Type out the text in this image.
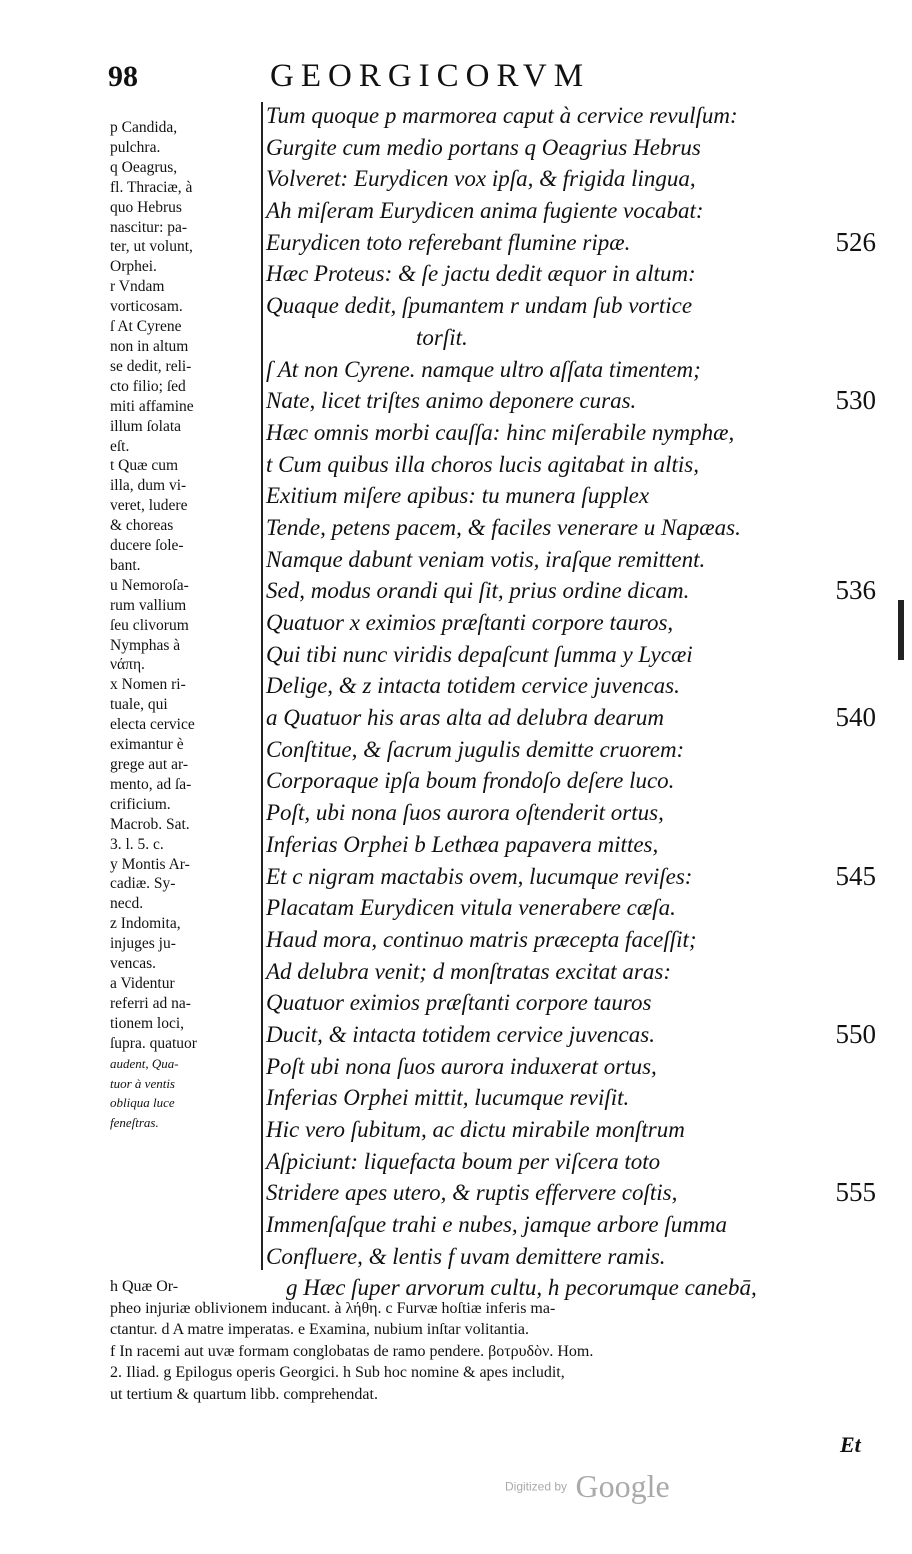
98	GEORGICORVM
p Candida,
pulchra.
q Oeagrus,
fl. Thraciæ, à
quo Hebrus
nascitur: pa-
ter, ut volunt,
Orphei.
r Vndam
vorticosam.
ſ At Cyrene
non in altum
se dedit, reli-
cto filio; ſed
miti affamine
illum ſolata
eſt.
t Quæ cum
illa, dum vi-
veret, ludere
& choreas
ducere ſole-
bant.
u Nemoroſa-
rum vallium
ſeu clivorum
Nymphas à
νάπη.
x Nomen ri-
tuale, qui
electa cervice
eximantur è
grege aut ar-
mento, ad ſa-
crificium.
Macrob. Sat.
3. l. 5. c.
y Montis Ar-
cadiæ. Sy-
necd.
z Indomita,
injuges ju-
vencas.
a Videntur
referri ad na-
tionem loci,
ſupra. quatuor
audent, Qua-
tuor à ventis
obliqua luce
feneſtras.
Tum quoque p marmorea caput à cervice revulſum:
Gurgite cum medio portans q Oeagrius Hebrus
Volveret: Eurydicen vox ipſa, & frigida lingua,
Ah miſeram Eurydicen anima fugiente vocabat:
Eurydicen toto referebant flumine ripæ.	526
Hæc Proteus: & ſe jactu dedit æquor in altum:
Quaque dedit, ſpumantem r undam ſub vortice
torſit.
ſ At non Cyrene. namque ultro aſſata timentem;
Nate, licet triſtes animo deponere curas.	530
Hæc omnis morbi cauſſa: hinc miſerabile nymphæ,
t Cum quibus illa choros lucis agitabat in altis,
Exitium miſere apibus: tu munera ſupplex
Tende, petens pacem, & faciles venerare u Napæas.
Namque dabunt veniam votis, iraſque remittent.
Sed, modus orandi qui ſit, prius ordine dicam.	536
Quatuor x eximios præſtanti corpore tauros,
Qui tibi nunc viridis depaſcunt ſumma y Lycæi
Delige, & z intacta totidem cervice juvencas.
a Quatuor his aras alta ad delubra dearum	540
Conſtitue, & ſacrum jugulis demitte cruorem:
Corporaque ipſa boum frondoſo deſere luco.
Poſt, ubi nona ſuos aurora oſtenderit ortus,
Inferias Orphei b Lethæa papavera mittes,
Et c nigram mactabis ovem, lucumque reviſes:	545
Placatam Eurydicen vitula venerabere cæſa.
Haud mora, continuo matris præcepta faceſſit;
Ad delubra venit; d monſtratas excitat aras:
Quatuor eximios præſtanti corpore tauros
Ducit, & intacta totidem cervice juvencas.	550
Poſt ubi nona ſuos aurora induxerat ortus,
Inferias Orphei mittit, lucumque reviſit.
Hic vero ſubitum, ac dictu mirabile monſtrum
Aſpiciunt: liquefacta boum per viſcera toto
Stridere apes utero, & ruptis effervere coſtis,	555
Immenſaſque trahi e nubes, jamque arbore ſumma
Confluere, & lentis f uvam demittere ramis.
g Hæc ſuper arvorum cultu, h pecorumque canebā,
h Quæ Or-
pheo injuriæ oblivionem inducant. à λήθη. c Furvæ hoſtiæ inferis ma-
ctantur. d A matre imperatas. e Examina, nubium inſtar volitantia.
f In racemi aut uvæ formam conglobatas de ramo pendere. βοτρυδὸν. Hom.
2. Iliad. g Epilogus operis Georgici. h Sub hoc nomine & apes includit,
ut tertium & quartum libb. comprehendat.
Et
Digitized by Google
